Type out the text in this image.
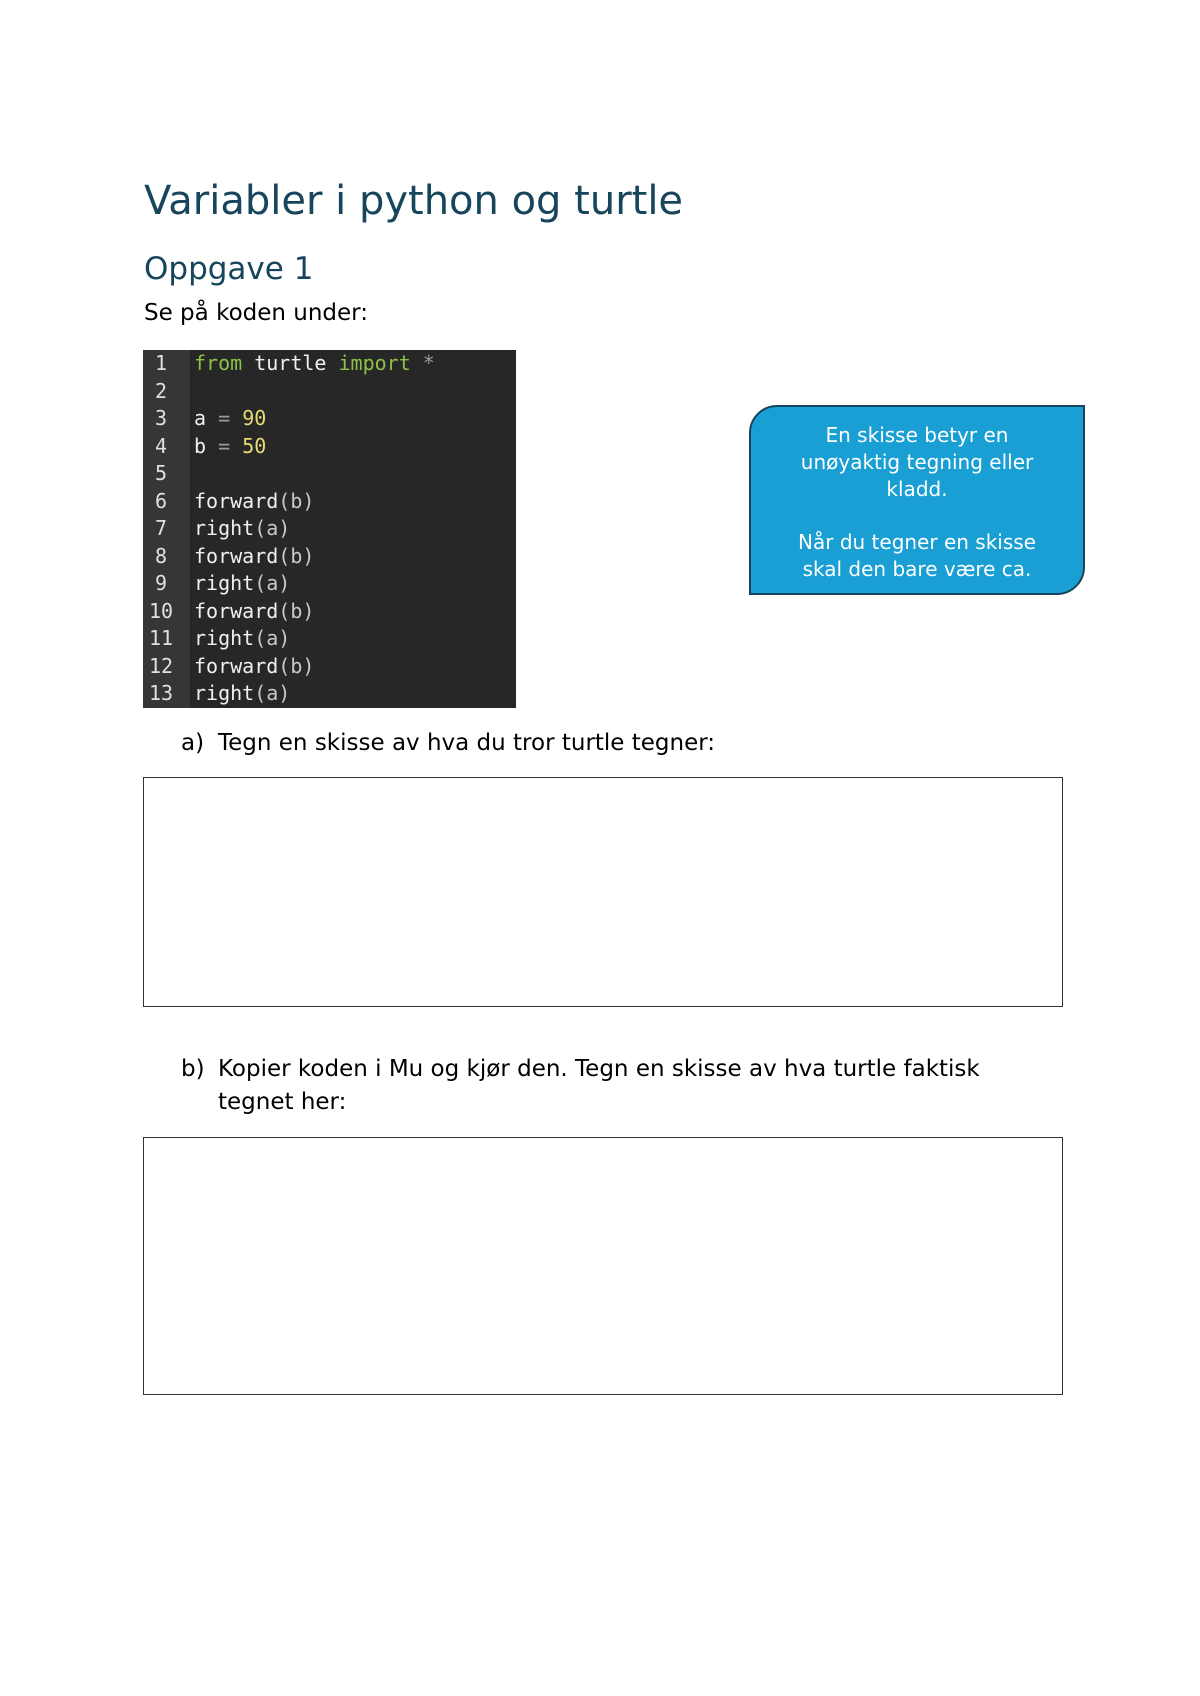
Variabler i python og turtle
Oppgave 1
Se på koden under:
1	from turtle import *
2
3	a = 90
4	b = 50
5
6	forward(b)
7	right(a)
8	forward(b)
9	right(a)
10 forward(b)
11 right(a)
12 forward(b)
13 right(a)

En skisse betyr en

unøyaktig tegning eller

kladd.

Når du tegner en skisse

skal den bare være ca.

a) Tegn en skisse av hva du tror turtle tegner:
b) Kopier koden i Mu og kjør den. Tegn en skisse av hva turtle faktisk tegnet her:
